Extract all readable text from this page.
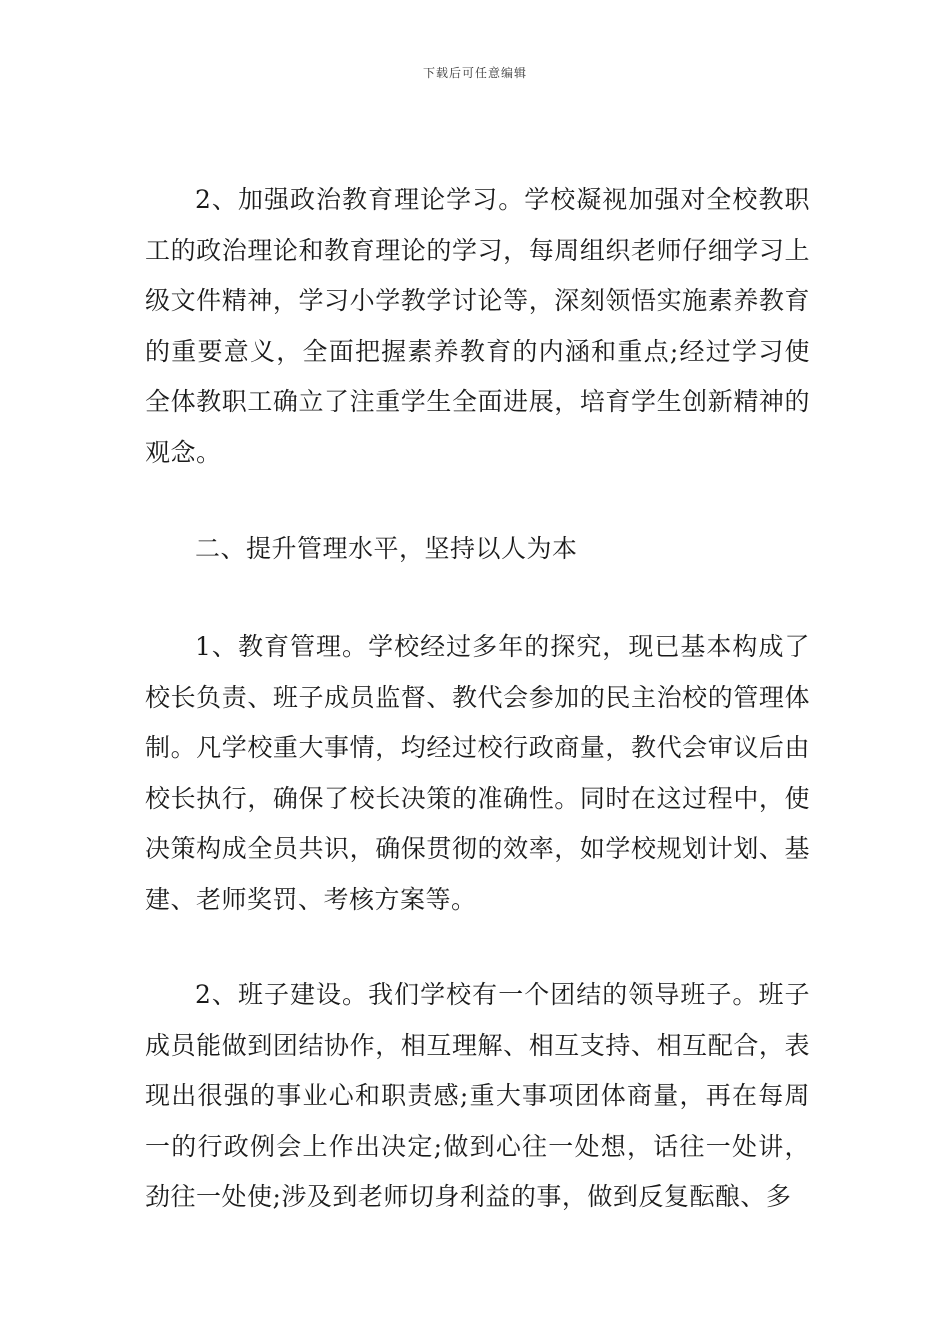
下载后可任意编辑

2、加强政治教育理论学习。学校凝视加强对全校教职工的政治理论和教育理论的学习，每周组织老师仔细学习上级文件精神，学习小学教学讨论等，深刻领悟实施素养教育的重要意义，全面把握素养教育的内涵和重点;经过学习使全体教职工确立了注重学生全面进展，培育学生创新精神的观念。

二、提升管理水平，坚持以人为本

1、教育管理。学校经过多年的探究，现已基本构成了校长负责、班子成员监督、教代会参加的民主治校的管理体制。凡学校重大事情，均经过校行政商量，教代会审议后由校长执行，确保了校长决策的准确性。同时在这过程中，使决策构成全员共识，确保贯彻的效率，如学校规划计划、基建、老师奖罚、考核方案等。

2、班子建设。我们学校有一个团结的领导班子。班子成员能做到团结协作，相互理解、相互支持、相互配合，表现出很强的事业心和职责感;重大事项团体商量，再在每周一的行政例会上作出决定;做到心往一处想，话往一处讲，劲往一处使;涉及到老师切身利益的事，做到反复酝酿、多
